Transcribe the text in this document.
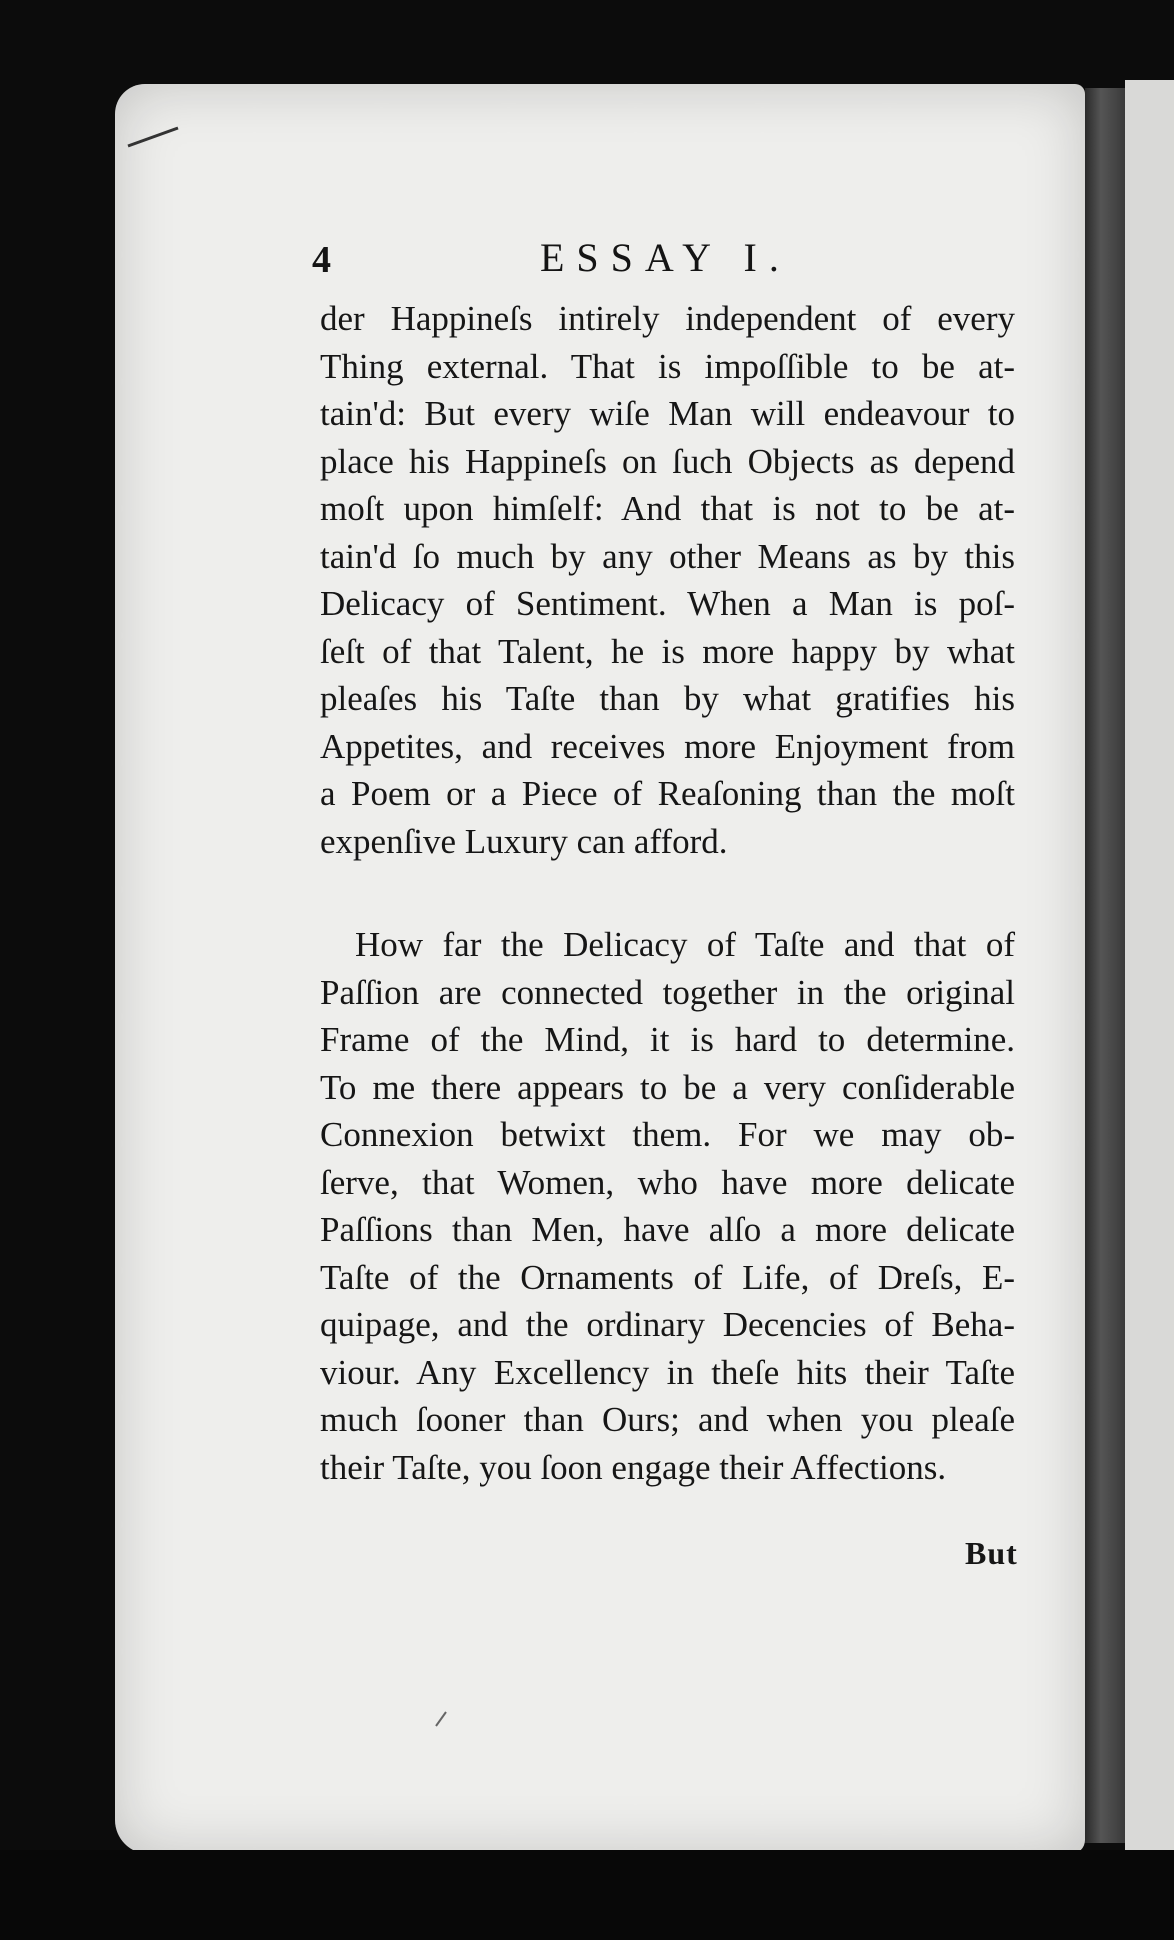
4	ESSAY I.
der Happineſs intirely independent of every
Thing external. That is impoſſible to be at-
tain'd: But every wiſe Man will endeavour to
place his Happineſs on ſuch Objects as depend
moſt upon himſelf: And that is not to be at-
tain'd ſo much by any other Means as by this
Delicacy of Sentiment. When a Man is poſ-
ſeſt of that Talent, he is more happy by what
pleaſes his Taſte than by what gratifies his
Appetites, and receives more Enjoyment from
a Poem or a Piece of Reaſoning than the moſt
expenſive Luxury can afford.
How far the Delicacy of Taſte and that of
Paſſion are connected together in the original
Frame of the Mind, it is hard to determine.
To me there appears to be a very conſiderable
Connexion betwixt them. For we may ob-
ſerve, that Women, who have more delicate
Paſſions than Men, have alſo a more delicate
Taſte of the Ornaments of Life, of Dreſs, E-
quipage, and the ordinary Decencies of Beha-
viour. Any Excellency in theſe hits their Taſte
much ſooner than Ours; and when you pleaſe
their Taſte, you ſoon engage their Affections.
But
